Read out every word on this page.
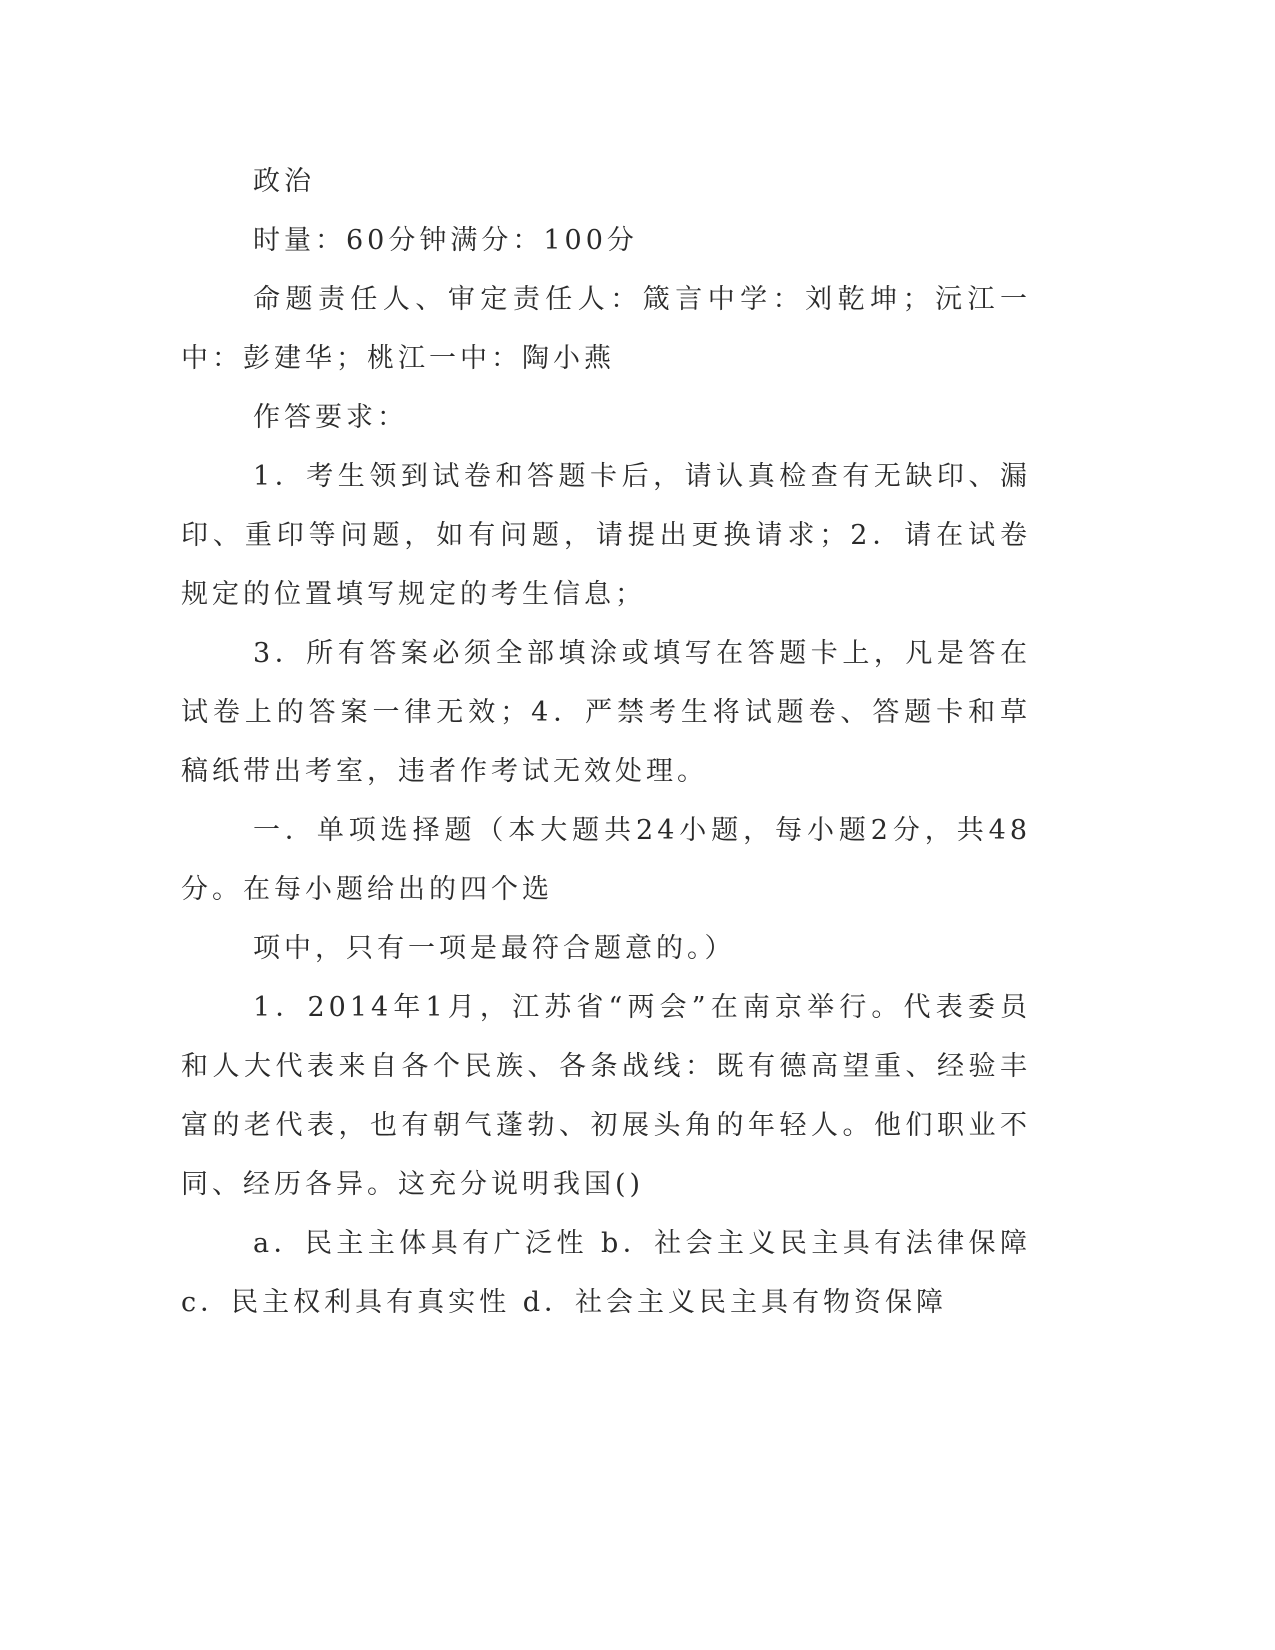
政治

时量：60分钟满分：100分

命题责任人、审定责任人：箴言中学：刘乾坤；沅江一中：彭建华；桃江一中：陶小燕

作答要求：

1．考生领到试卷和答题卡后，请认真检查有无缺印、漏印、重印等问题，如有问题，请提出更换请求；2．请在试卷规定的位置填写规定的考生信息；

3．所有答案必须全部填涂或填写在答题卡上，凡是答在试卷上的答案一律无效；4．严禁考生将试题卷、答题卡和草稿纸带出考室，违者作考试无效处理。

一．单项选择题（本大题共24小题，每小题2分，共48分。在每小题给出的四个选

项中，只有一项是最符合题意的。）

1．2014年1月，江苏省“两会”在南京举行。代表委员和人大代表来自各个民族、各条战线：既有德高望重、经验丰富的老代表，也有朝气蓬勃、初展头角的年轻人。他们职业不同、经历各异。这充分说明我国()

a．民主主体具有广泛性 b．社会主义民主具有法律保障 c．民主权利具有真实性 d．社会主义民主具有物资保障
